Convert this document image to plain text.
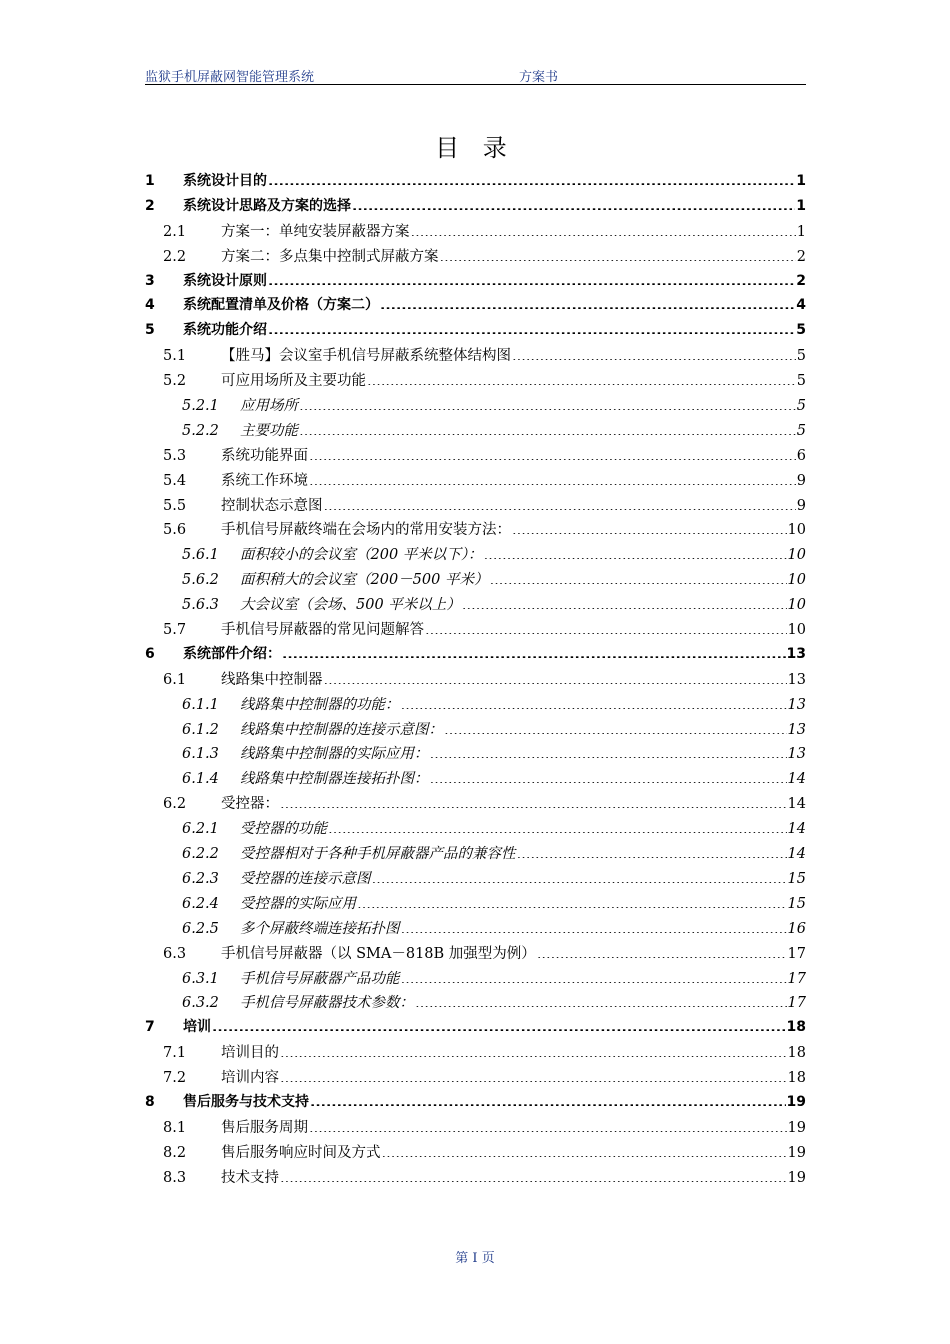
监狱手机屏蔽网智能管理系统	方案书
目 录
1	系统设计目的 .....	1
2	系统设计思路及方案的选择 .....	1
2.1	方案一：单纯安装屏蔽器方案 .....	1
2.2	方案二：多点集中控制式屏蔽方案 .....	2
3	系统设计原则 .....	2
4	系统配置清单及价格（方案二） .....	4
5	系统功能介绍 .....	5
5.1	【胜马】会议室手机信号屏蔽系统整体结构图 .....	5
5.2	可应用场所及主要功能 .....	5
5.2.1	应用场所 .....	5
5.2.2	主要功能 .....	5
5.3	系统功能界面 .....	6
5.4	系统工作环境 .....	9
5.5	控制状态示意图 .....	9
5.6	手机信号屏蔽终端在会场内的常用安装方法： .....	10
5.6.1	面积较小的会议室（200 平米以下）： .....	10
5.6.2	面积稍大的会议室（200－500 平米） .....	10
5.6.3	大会议室（会场、500 平米以上） .....	10
5.7	手机信号屏蔽器的常见问题解答 .....	10
6	系统部件介绍： .....	13
6.1	线路集中控制器 .....	13
6.1.1	线路集中控制器的功能： .....	13
6.1.2	线路集中控制器的连接示意图： .....	13
6.1.3	线路集中控制器的实际应用： .....	13
6.1.4	线路集中控制器连接拓扑图： .....	14
6.2	受控器： .....	14
6.2.1	受控器的功能 .....	14
6.2.2	受控器相对于各种手机屏蔽器产品的兼容性 .....	14
6.2.3	受控器的连接示意图 .....	15
6.2.4	受控器的实际应用 .....	15
6.2.5	多个屏蔽终端连接拓扑图 .....	16
6.3	手机信号屏蔽器（以 SMA－818B 加强型为例） .....	17
6.3.1	手机信号屏蔽器产品功能 .....	17
6.3.2	手机信号屏蔽器技术参数： .....	17
7	培训 .....	18
7.1	培训目的 .....	18
7.2	培训内容 .....	18
8	售后服务与技术支持 .....	19
8.1	售后服务周期 .....	19
8.2	售后服务响应时间及方式 .....	19
8.3	技术支持 .....	19
第 I 页
